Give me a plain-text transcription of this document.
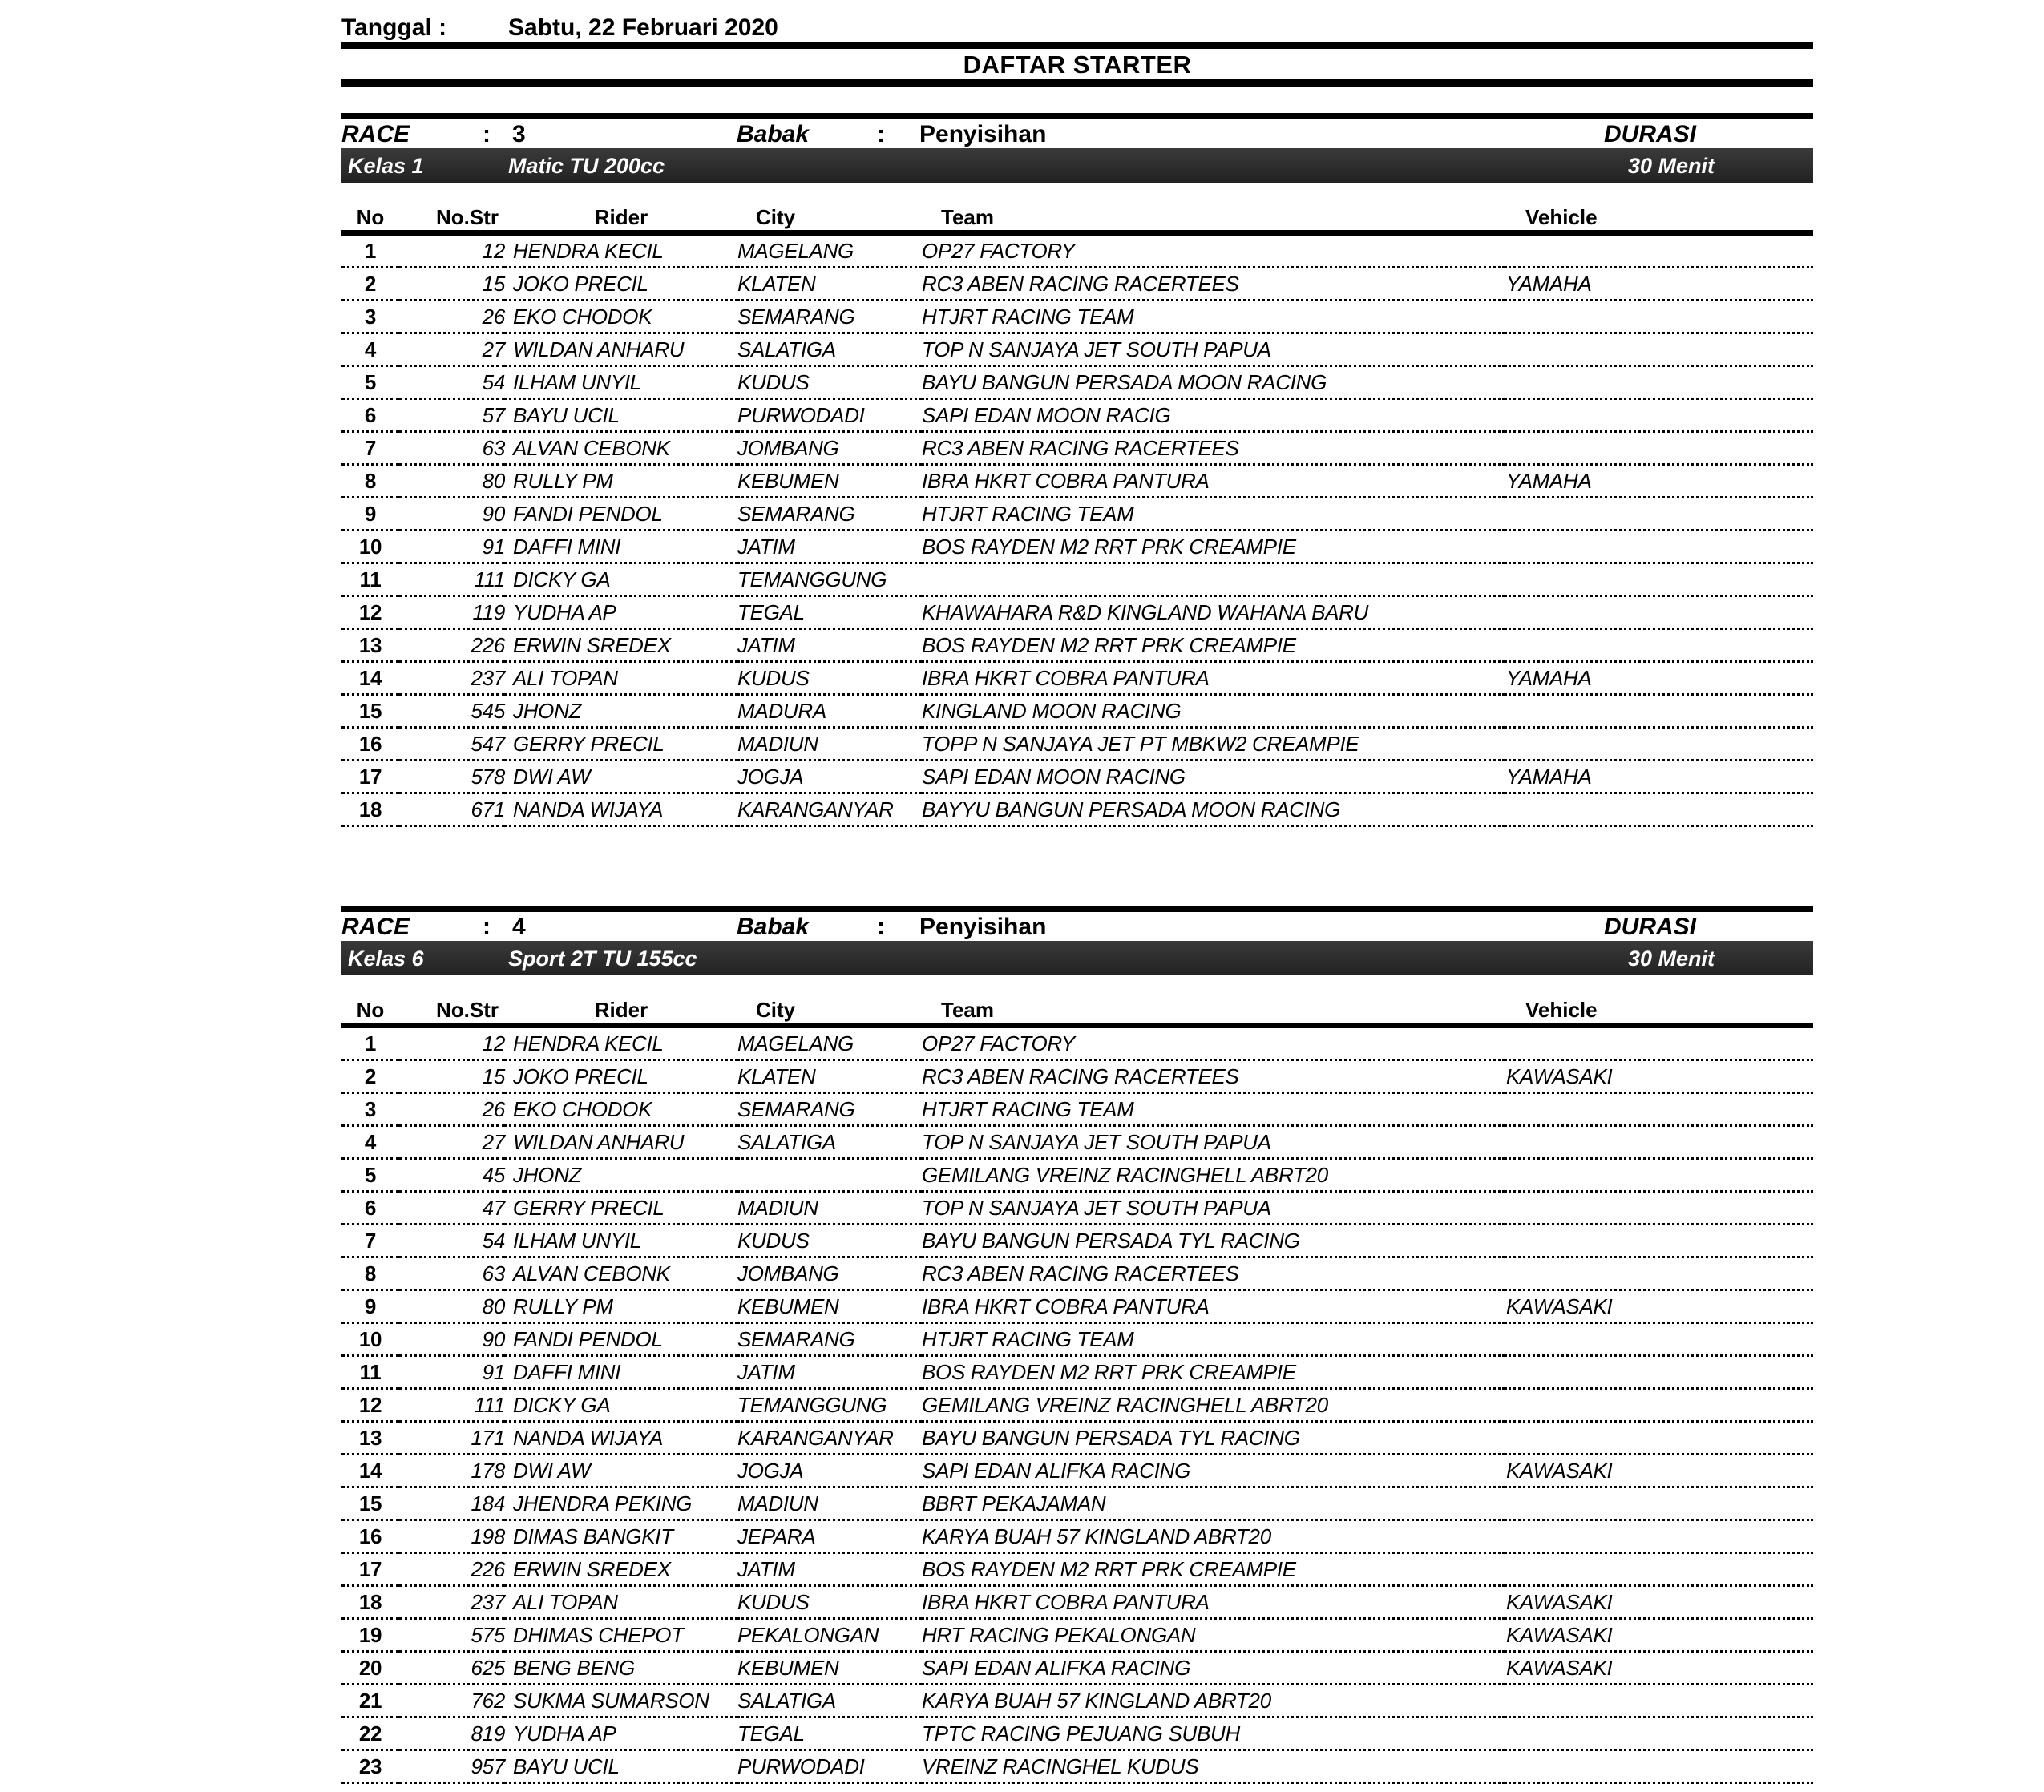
Tanggal :	Sabtu, 22 Februari 2020
DAFTAR STARTER
RACE	: 3	Babak	: Penyisihan	DURASI
Kelas 1	Matic TU 200cc	30 Menit
No	No.Str	Rider	City	Team	Vehicle
1	12	HENDRA KECIL	MAGELANG	OP27 FACTORY	
2	15	JOKO PRECIL	KLATEN	RC3 ABEN RACING RACERTEES	YAMAHA
3	26	EKO CHODOK	SEMARANG	HTJRT RACING TEAM	
4	27	WILDAN ANHARU	SALATIGA	TOP N SANJAYA JET SOUTH PAPUA	
5	54	ILHAM UNYIL	KUDUS	BAYU BANGUN PERSADA MOON RACING	
6	57	BAYU UCIL	PURWODADI	SAPI EDAN MOON RACIG	
7	63	ALVAN CEBONK	JOMBANG	RC3 ABEN RACING RACERTEES	
8	80	RULLY PM	KEBUMEN	IBRA HKRT COBRA PANTURA	YAMAHA
9	90	FANDI PENDOL	SEMARANG	HTJRT RACING TEAM	
10	91	DAFFI MINI	JATIM	BOS RAYDEN M2 RRT PRK CREAMPIE	
11	111	DICKY GA	TEMANGGUNG		
12	119	YUDHA AP	TEGAL	KHAWAHARA R&D KINGLAND WAHANA BARU	
13	226	ERWIN SREDEX	JATIM	BOS RAYDEN M2 RRT PRK CREAMPIE	
14	237	ALI TOPAN	KUDUS	IBRA HKRT COBRA PANTURA	YAMAHA
15	545	JHONZ	MADURA	KINGLAND MOON RACING	
16	547	GERRY PRECIL	MADIUN	TOPP N SANJAYA JET PT MBKW2 CREAMPIE	
17	578	DWI AW	JOGJA	SAPI EDAN MOON RACING	YAMAHA
18	671	NANDA WIJAYA	KARANGANYAR	BAYYU BANGUN PERSADA MOON RACING	
RACE	: 4	Babak	: Penyisihan	DURASI
Kelas 6	Sport 2T TU 155cc	30 Menit
No	No.Str	Rider	City	Team	Vehicle
1	12	HENDRA KECIL	MAGELANG	OP27 FACTORY	
2	15	JOKO PRECIL	KLATEN	RC3 ABEN RACING RACERTEES	KAWASAKI
3	26	EKO CHODOK	SEMARANG	HTJRT RACING TEAM	
4	27	WILDAN ANHARU	SALATIGA	TOP N SANJAYA JET SOUTH PAPUA	
5	45	JHONZ		GEMILANG VREINZ RACINGHELL ABRT20	
6	47	GERRY PRECIL	MADIUN	TOP N SANJAYA JET SOUTH PAPUA	
7	54	ILHAM UNYIL	KUDUS	BAYU BANGUN PERSADA TYL RACING	
8	63	ALVAN CEBONK	JOMBANG	RC3 ABEN RACING RACERTEES	
9	80	RULLY PM	KEBUMEN	IBRA HKRT COBRA PANTURA	KAWASAKI
10	90	FANDI PENDOL	SEMARANG	HTJRT RACING TEAM	
11	91	DAFFI MINI	JATIM	BOS RAYDEN M2 RRT PRK CREAMPIE	
12	111	DICKY GA	TEMANGGUNG	GEMILANG VREINZ RACINGHELL ABRT20	
13	171	NANDA WIJAYA	KARANGANYAR	BAYU BANGUN PERSADA TYL RACING	
14	178	DWI AW	JOGJA	SAPI EDAN ALIFKA RACING	KAWASAKI
15	184	JHENDRA PEKING	MADIUN	BBRT PEKAJAMAN	
16	198	DIMAS BANGKIT	JEPARA	KARYA BUAH 57 KINGLAND ABRT20	
17	226	ERWIN SREDEX	JATIM	BOS RAYDEN M2 RRT PRK CREAMPIE	
18	237	ALI TOPAN	KUDUS	IBRA HKRT COBRA PANTURA	KAWASAKI
19	575	DHIMAS CHEPOT	PEKALONGAN	HRT RACING PEKALONGAN	KAWASAKI
20	625	BENG BENG	KEBUMEN	SAPI EDAN ALIFKA RACING	KAWASAKI
21	762	SUKMA SUMARSON	SALATIGA	KARYA BUAH 57 KINGLAND ABRT20	
22	819	YUDHA AP	TEGAL	TPTC RACING PEJUANG SUBUH	
23	957	BAYU UCIL	PURWODADI	VREINZ RACINGHEL KUDUS	
